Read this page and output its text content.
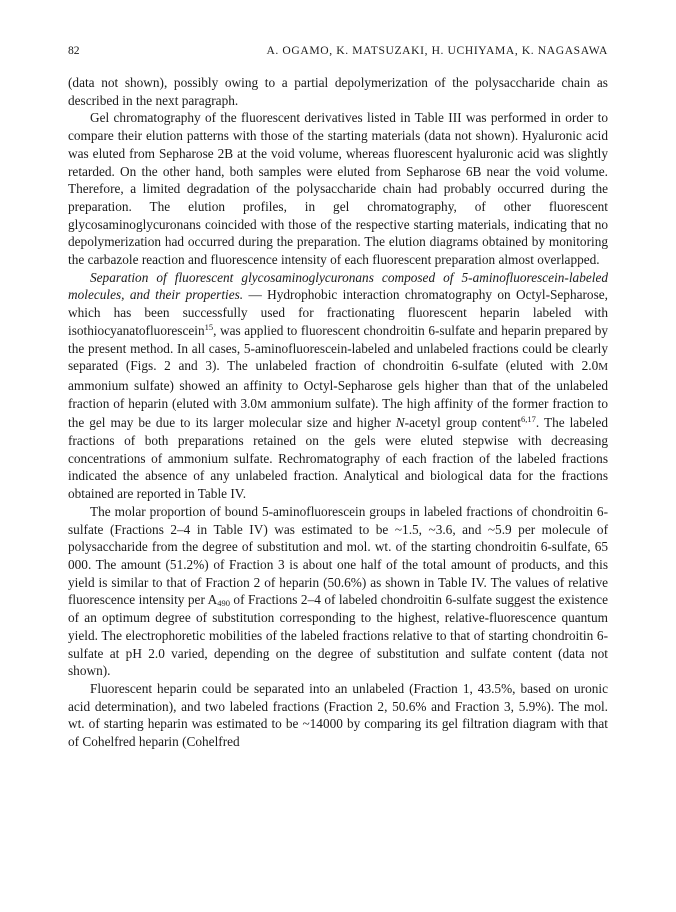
82	A. OGAMO, K. MATSUZAKI, H. UCHIYAMA, K. NAGASAWA

(data not shown), possibly owing to a partial depolymerization of the polysaccharide chain as described in the next paragraph.

Gel chromatography of the fluorescent derivatives listed in Table III was performed in order to compare their elution patterns with those of the starting materials (data not shown). Hyaluronic acid was eluted from Sepharose 2B at the void volume, whereas fluorescent hyaluronic acid was slightly retarded. On the other hand, both samples were eluted from Sepharose 6B near the void volume. Therefore, a limited degradation of the polysaccharide chain had probably occurred during the preparation. The elution profiles, in gel chromatography, of other fluorescent glycosaminoglycuronans coincided with those of the respective starting materials, indicating that no depolymerization had occurred during the preparation. The elution diagrams obtained by monitoring the carbazole reaction and fluorescence intensity of each fluorescent preparation almost overlapped.

Separation of fluorescent glycosaminoglycuronans composed of 5-aminofluorescein-labeled molecules, and their properties. — Hydrophobic interaction chromatography on Octyl-Sepharose, which has been successfully used for fractionating fluorescent heparin labeled with isothiocyanatofluorescein$^{15}$, was applied to fluorescent chondroitin 6-sulfate and heparin prepared by the present method. In all cases, 5-aminofluorescein-labeled and unlabeled fractions could be clearly separated (Figs. 2 and 3). The unlabeled fraction of chondroitin 6-sulfate (eluted with 2.0M ammonium sulfate) showed an affinity to Octyl-Sepharose gels higher than that of the unlabeled fraction of heparin (eluted with 3.0M ammonium sulfate). The high affinity of the former fraction to the gel may be due to its larger molecular size and higher N-acetyl group content$^{6,17}$. The labeled fractions of both preparations retained on the gels were eluted stepwise with decreasing concentrations of ammonium sulfate. Rechromatography of each fraction of the labeled fractions indicated the absence of any unlabeled fraction. Analytical and biological data for the fractions obtained are reported in Table IV.

The molar proportion of bound 5-aminofluorescein groups in labeled fractions of chondroitin 6-sulfate (Fractions 2–4 in Table IV) was estimated to be ~1.5, ~3.6, and ~5.9 per molecule of polysaccharide from the degree of substitution and mol. wt. of the starting chondroitin 6-sulfate, 65 000. The amount (51.2%) of Fraction 3 is about one half of the total amount of products, and this yield is similar to that of Fraction 2 of heparin (50.6%) as shown in Table IV. The values of relative fluorescence intensity per $A_{490}$ of Fractions 2–4 of labeled chondroitin 6-sulfate suggest the existence of an optimum degree of substitution corresponding to the highest, relative-fluorescence quantum yield. The electrophoretic mobilities of the labeled fractions relative to that of starting chondroitin 6-sulfate at pH 2.0 varied, depending on the degree of substitution and sulfate content (data not shown).

Fluorescent heparin could be separated into an unlabeled (Fraction 1, 43.5%, based on uronic acid determination), and two labeled fractions (Fraction 2, 50.6% and Fraction 3, 5.9%). The mol. wt. of starting heparin was estimated to be ~14000 by comparing its gel filtration diagram with that of Cohelfred heparin (Cohelfred
